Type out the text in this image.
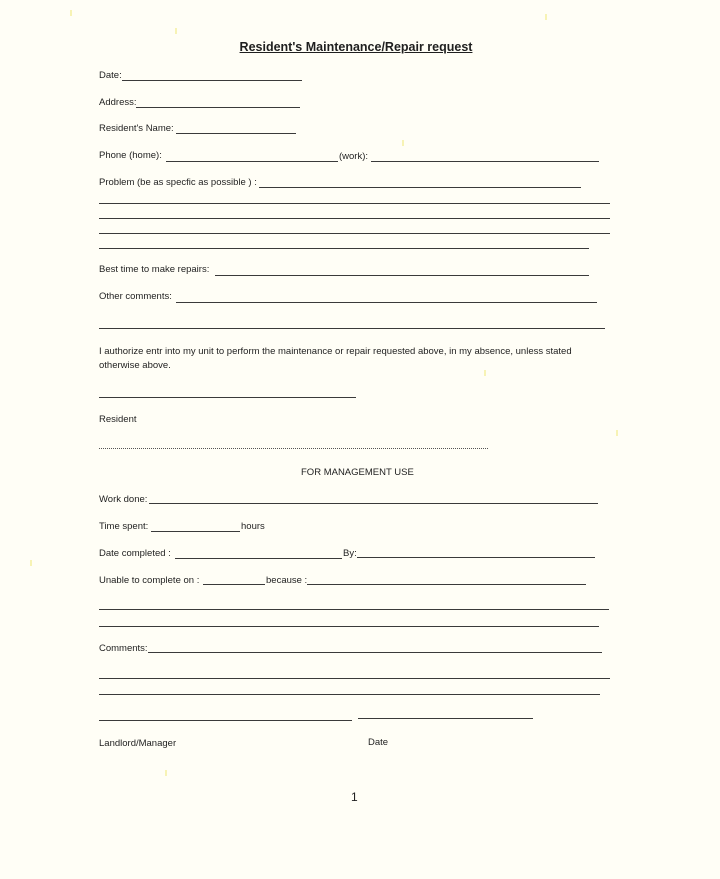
Resident's Maintenance/Repair request
Date:
Address:
Resident's Name:
Phone (home):	(work):
Problem (be as specfic as possible ) :
Best time to make repairs:
Other comments:
I authorize entr into my unit to perform the maintenance or repair requested above, in my absence, unless stated
otherwise above.
Resident
FOR MANAGEMENT USE
Work done:
Time spent:	hours
Date completed :	By:
Unable to complete on :	because :
Comments:
Landlord/Manager	Date
1
